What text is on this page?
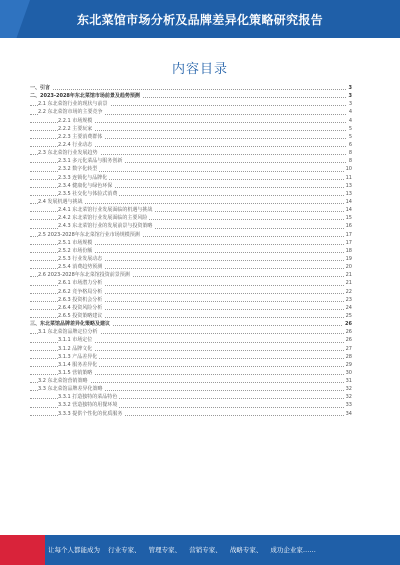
东北菜馆市场分析及品牌差异化策略研究报告
内容目录
一、引言	3
二、2023-2028年东北菜馆市场前景及趋势预测	3
2.1 东北菜馆行业的现状与前景	3
2.2 东北菜馆市场的主要竞争	4
2.2.1 市场规模	4
2.2.2 主要玩家	5
2.2.3 主要消费群体	5
2.2.4 行业动态	6
2.3 东北菜馆行业发展趋势	8
2.3.1 多元化菜品与服务创新	8
2.3.2 数字化转型	10
2.3.3 连锁化与品牌化	11
2.3.4 健康化与绿色环保	13
2.3.5 社交化与体验式消费	13
2.4 发展机遇与挑战	14
2.4.1 东北菜馆行业发展面临的机遇与挑战	14
2.4.2 东北菜馆行业发展面临的主要风险	15
2.4.3 东北菜馆行业的发展前景与投资策略	16
2.5 2023-2028年东北菜馆行业市场规模预测	17
2.5.1 市场规模	17
2.5.2 市场份额	18
2.5.3 行业发展动态	19
2.5.4 消费趋势预测	20
2.6 2023-2028年东北菜馆投资前景预测	21
2.6.1 市场潜力分析	21
2.6.2 竞争格局分析	22
2.6.3 投资机会分析	23
2.6.4 投资风险分析	24
2.6.5 投资策略建议	25
三、东北菜馆品牌差异化策略及建议	26
3.1 东北菜馆品牌定位分析	26
3.1.1 市场定位	26
3.1.2 品牌文化	27
3.1.3 产品差异化	28
3.1.4 服务差异化	29
3.1.5 营销策略	30
3.2 东北菜馆营销策略	31
3.3 东北菜馆品牌差异化策略	32
3.3.1 打造独特的菜品特色	32
3.3.2 营造独特的用餐环境	33
3.3.3 提供个性化的优质服务	34
让每个人都能成为 行业专家、 管理专家、 营销专家、 战略专家、 成功企业家……
